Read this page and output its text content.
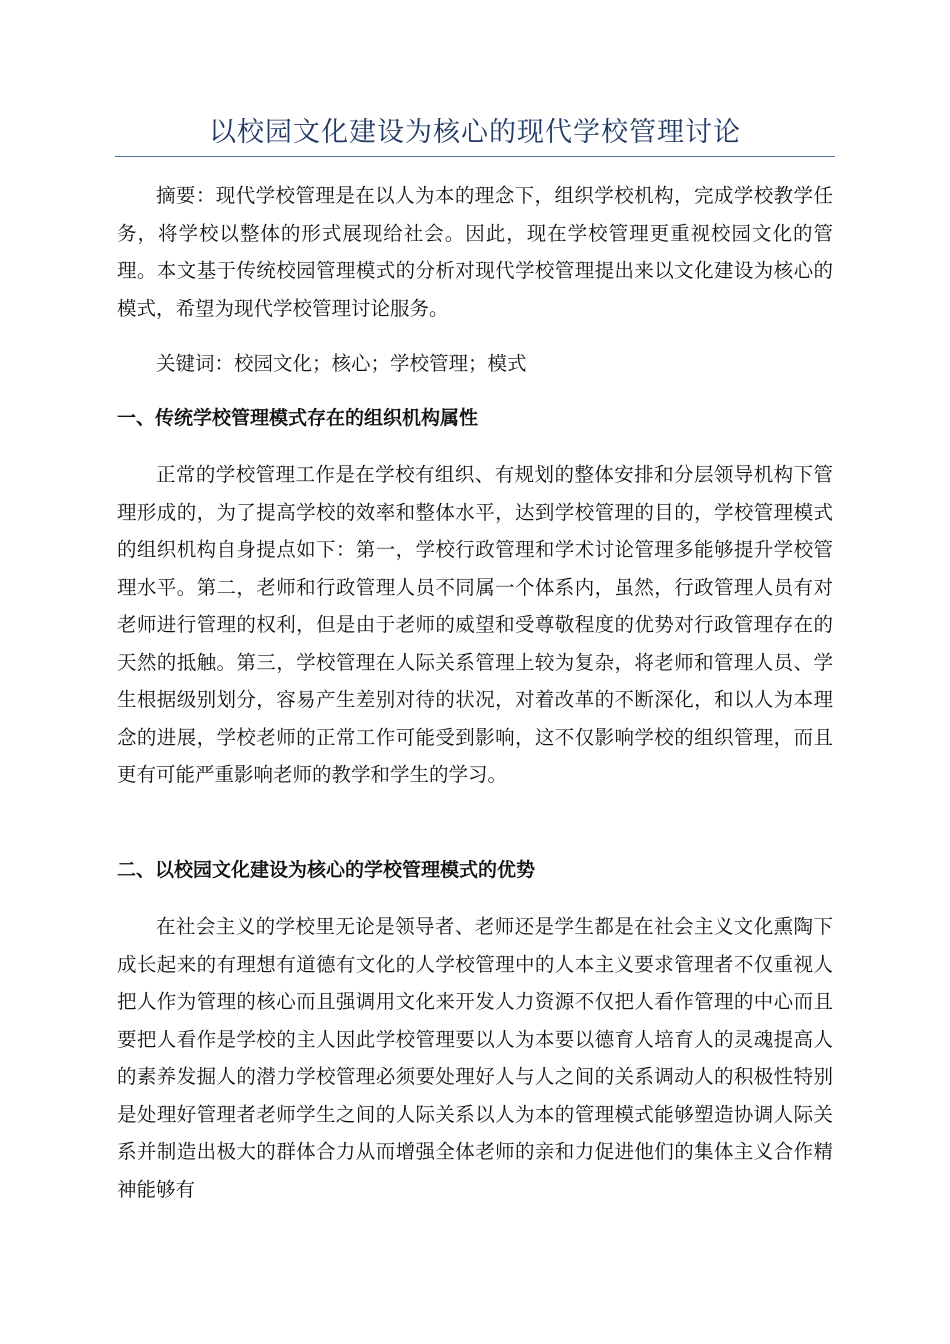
以校园文化建设为核心的现代学校管理讨论

摘要：现代学校管理是在以人为本的理念下，组织学校机构，完成学校教学任务，将学校以整体的形式展现给社会。因此，现在学校管理更重视校园文化的管理。本文基于传统校园管理模式的分析对现代学校管理提出来以文化建设为核心的模式，希望为现代学校管理讨论服务。

关键词：校园文化；核心；学校管理；模式

一、传统学校管理模式存在的组织机构属性

正常的学校管理工作是在学校有组织、有规划的整体安排和分层领导机构下管理形成的，为了提高学校的效率和整体水平，达到学校管理的目的，学校管理模式的组织机构自身提点如下：第一，学校行政管理和学术讨论管理多能够提升学校管理水平。第二，老师和行政管理人员不同属一个体系内，虽然，行政管理人员有对老师进行管理的权利，但是由于老师的威望和受尊敬程度的优势对行政管理存在的天然的抵触。第三，学校管理在人际关系管理上较为复杂，将老师和管理人员、学生根据级别划分，容易产生差别对待的状况，对着改革的不断深化，和以人为本理念的进展，学校老师的正常工作可能受到影响，这不仅影响学校的组织管理，而且更有可能严重影响老师的教学和学生的学习。

二、以校园文化建设为核心的学校管理模式的优势

在社会主义的学校里无论是领导者、老师还是学生都是在社会主义文化熏陶下成长起来的有理想有道德有文化的人学校管理中的人本主义要求管理者不仅重视人把人作为管理的核心而且强调用文化来开发人力资源不仅把人看作管理的中心而且要把人看作是学校的主人因此学校管理要以人为本要以德育人培育人的灵魂提高人的素养发掘人的潜力学校管理必须要处理好人与人之间的关系调动人的积极性特别是处理好管理者老师学生之间的人际关系以人为本的管理模式能够塑造协调人际关系并制造出极大的群体合力从而增强全体老师的亲和力促进他们的集体主义合作精神能够有
